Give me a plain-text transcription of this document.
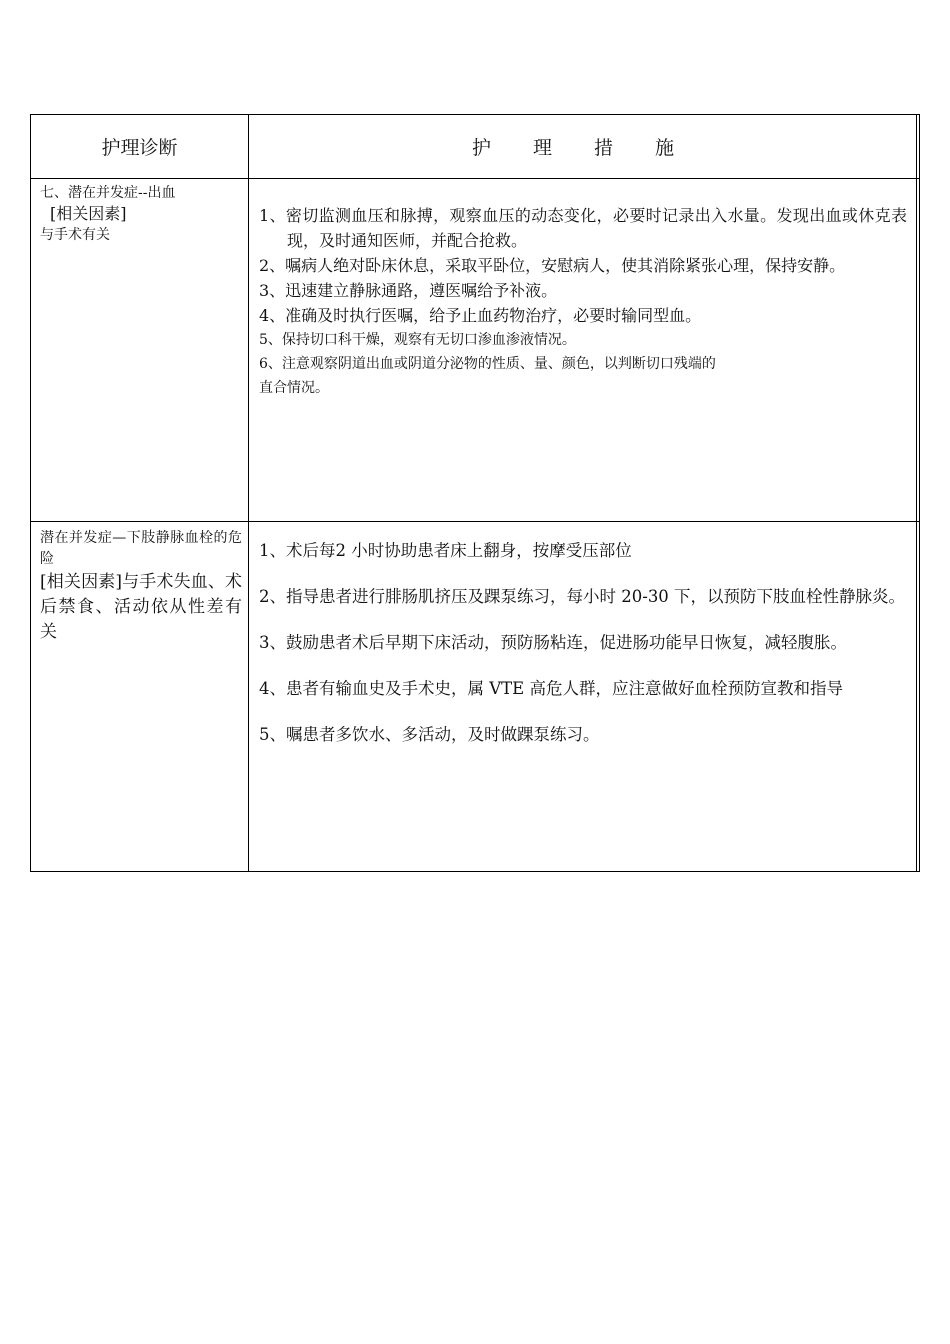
护理诊断	护 理 措 施
七、潜在并发症--出血
[相关因素]
与手术有关
1、密切监测血压和脉搏，观察血压的动态变化，必要时记录出入水量。发现出血或休克表现，及时通知医师，并配合抢救。
2、嘱病人绝对卧床休息，采取平卧位，安慰病人，使其消除紧张心理，保持安静。
3、迅速建立静脉通路，遵医嘱给予补液。
4、准确及时执行医嘱，给予止血药物治疗，必要时输同型血。
5、保持切口科干燥，观察有无切口渗血渗液情况。
6、注意观察阴道出血或阴道分泌物的性质、量、颜色，以判断切口残端的
直合情况。
潜在并发症—下肢静脉血栓的危险
[相关因素]与手术失血、术后禁食、活动依从性差有关

1、术后每2 小时协助患者床上翻身，按摩受压部位

2、指导患者进行腓肠肌挤压及踝泵练习，每小时 20-30 下，以预防下肢血栓性静脉炎。

3、鼓励患者术后早期下床活动，预防肠粘连，促进肠功能早日恢复，减轻腹胀。

4、患者有输血史及手术史，属 VTE 高危人群，应注意做好血栓预防宣教和指导

5、嘱患者多饮水、多活动，及时做踝泵练习。
